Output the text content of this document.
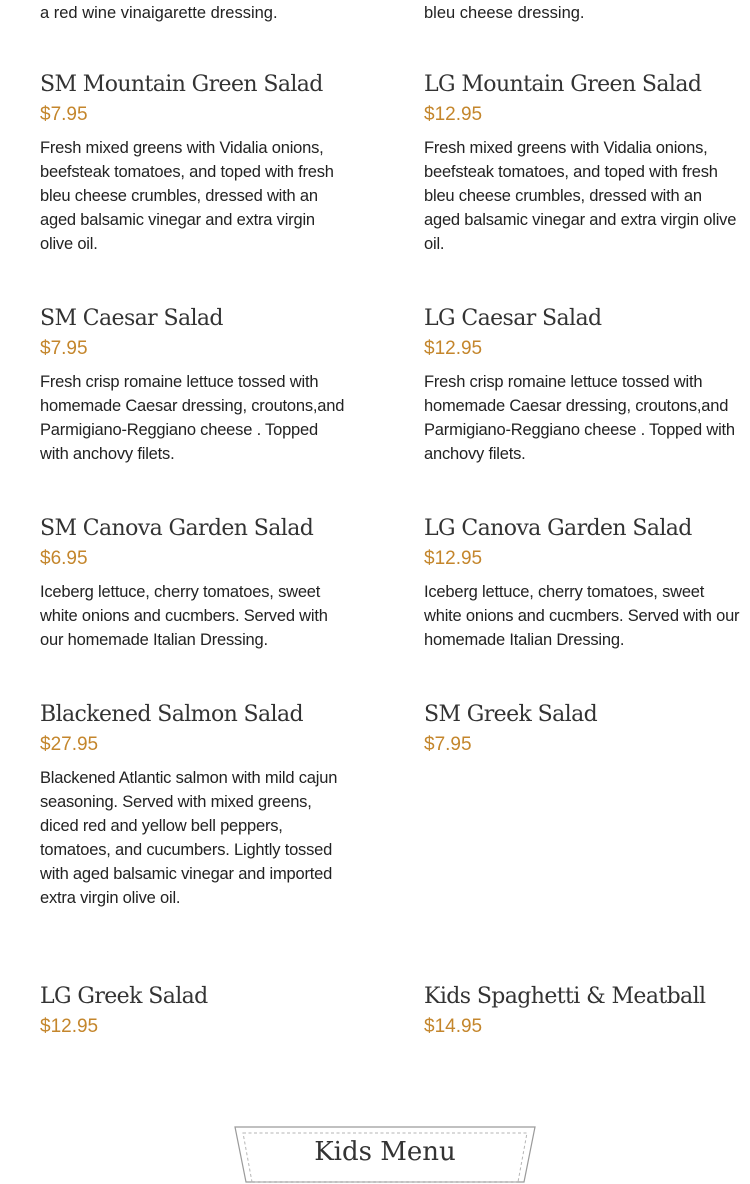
a red wine vinaigarette dressing.	bleu cheese dressing.

SM Mountain Green Salad

$7.95

Fresh mixed greens with Vidalia onions, beefsteak tomatoes, and toped with fresh bleu cheese crumbles, dressed with an aged balsamic vinegar and extra virgin olive oil.

LG Mountain Green Salad

$12.95

Fresh mixed greens with Vidalia onions, beefsteak tomatoes, and toped with fresh bleu cheese crumbles, dressed with an aged balsamic vinegar and extra virgin olive oil.

SM Caesar Salad

$7.95

Fresh crisp romaine lettuce tossed with homemade Caesar dressing, croutons,and Parmigiano-Reggiano cheese . Topped with anchovy filets.

LG Caesar Salad

$12.95

Fresh crisp romaine lettuce tossed with homemade Caesar dressing, croutons,and Parmigiano-Reggiano cheese . Topped with anchovy filets.

SM Canova Garden Salad

$6.95

Iceberg lettuce, cherry tomatoes, sweet white onions and cucmbers. Served with our homemade Italian Dressing.

LG Canova Garden Salad

$12.95

Iceberg lettuce, cherry tomatoes, sweet white onions and cucmbers. Served with our homemade Italian Dressing.

Blackened Salmon Salad

$27.95

Blackened Atlantic salmon with mild cajun seasoning. Served with mixed greens, diced red and yellow bell peppers, tomatoes, and cucumbers. Lightly tossed with aged balsamic vinegar and imported extra virgin olive oil.

SM Greek Salad

$7.95

LG Greek Salad

$12.95

Kids Spaghetti & Meatball

$14.95

Kids Menu
